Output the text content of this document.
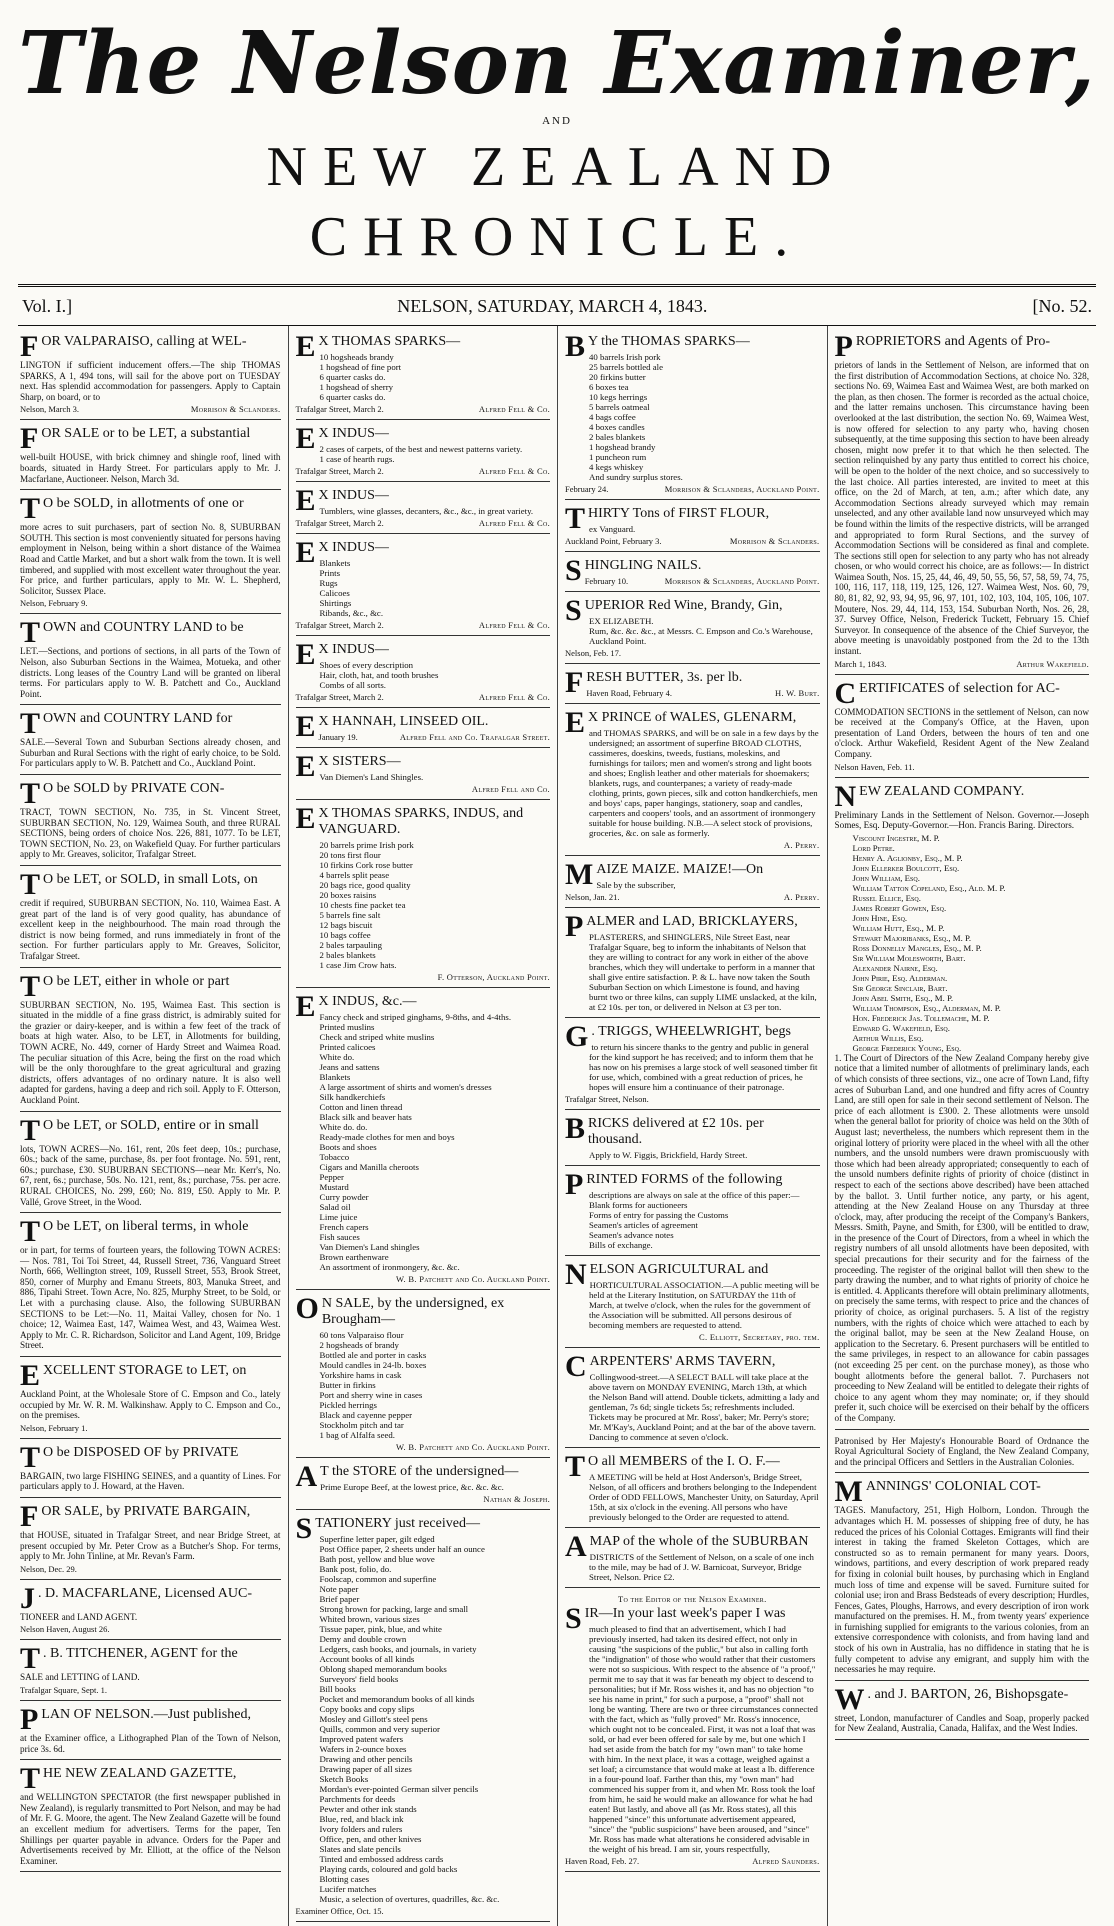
The Nelson Examiner,
AND
NEW ZEALAND CHRONICLE.
Vol. I.]	NELSON, SATURDAY, MARCH 4, 1843.	[No. 52.

FOR VALPARAISO, calling at WEL-

LINGTON if sufficient inducement offers.—The ship THOMAS SPARKS, A 1, 494 tons, will sail for the above port on TUESDAY next. Has splendid accommodation for passengers. Apply to Captain Sharp, on board, or to

Nelson, March 3.	Morrison & Sclanders.

FOR SALE or to be LET, a substantial

well-built HOUSE, with brick chimney and shingle roof, lined with boards, situated in Hardy Street. For particulars apply to Mr. J. Macfarlane, Auctioneer. Nelson, March 3d.

T O be SOLD, in allotments of one or

more acres to suit purchasers, part of section No. 8, SUBURBAN SOUTH. This section is most conveniently situated for persons having employment in Nelson, being within a short distance of the Waimea Road and Cattle Market, and but a short walk from the town. It is well timbered, and supplied with most excellent water throughout the year. For price, and further particulars, apply to Mr. W. L. Shepherd, Solicitor, Sussex Place.

Nelson, February 9.

TOWN and COUNTRY LAND to be

LET.—Sections, and portions of sections, in all parts of the Town of Nelson, also Suburban Sections in the Waimea, Motueka, and other districts. Long leases of the Country Land will be granted on liberal terms. For particulars apply to W. B. Patchett and Co., Auckland Point.

TOWN and COUNTRY LAND for

SALE.—Several Town and Suburban Sections already chosen, and Suburban and Rural Sections with the right of early choice, to be Sold. For particulars apply to W. B. Patchett and Co., Auckland Point.

T O be SOLD by PRIVATE CON-

TRACT, TOWN SECTION, No. 735, in St. Vincent Street, SUBURBAN SECTION, No. 129, Waimea South, and three RURAL SECTIONS, being orders of choice Nos. 226, 881, 1077. To be LET, TOWN SECTION, No. 23, on Wakefield Quay. For further particulars apply to Mr. Greaves, solicitor, Trafalgar Street.

T O be LET, or SOLD, in small Lots, on

credit if required, SUBURBAN SECTION, No. 110, Waimea East. A great part of the land is of very good quality, has abundance of excellent keep in the neighbourhood. The main road through the district is now being formed, and runs immediately in front of the section. For further particulars apply to Mr. Greaves, Solicitor, Trafalgar Street.

T O be LET, either in whole or part

SUBURBAN SECTION, No. 195, Waimea East. This section is situated in the middle of a fine grass district, is admirably suited for the grazier or dairy-keeper, and is within a few feet of the track of boats at high water. Also, to be LET, in Allotments for building, TOWN ACRE, No. 449, corner of Hardy Street and Waimea Road. The peculiar situation of this Acre, being the first on the road which will be the only thoroughfare to the great agricultural and grazing districts, offers advantages of no ordinary nature. It is also well adapted for gardens, having a deep and rich soil. Apply to F. Otterson, Auckland Point.

T O be LET, or SOLD, entire or in small

lots, TOWN ACRES—No. 161, rent, 20s feet deep, 10s.; purchase, 60s.; back of the same, purchase, 8s. per foot frontage. No. 591, rent, 60s.; purchase, £30. SUBURBAN SECTIONS—near Mr. Kerr's, No. 67, rent, 6s.; purchase, 50s. No. 121, rent, 8s.; purchase, 75s. per acre. RURAL CHOICES, No. 299, £60; No. 819, £50. Apply to Mr. P. Vallé, Grove Street, in the Wood.

T O be LET, on liberal terms, in whole

or in part, for terms of fourteen years, the following TOWN ACRES:— Nos. 781, Toi Toi Street, 44, Russell Street, 736, Vanguard Street North, 666, Wellington street, 109, Russell Street, 553, Brook Street, 850, corner of Murphy and Emanu Streets, 803, Manuka Street, and 886, Tipahi Street. Town Acre, No. 825, Murphy Street, to be Sold, or Let with a purchasing clause. Also, the following SUBURBAN SECTIONS to be Let:—No. 11, Maitai Valley, chosen for No. 1 choice; 12, Waimea East, 147, Waimea West, and 43, Waimea West. Apply to Mr. C. R. Richardson, Solicitor and Land Agent, 109, Bridge Street.

EXCELLENT STORAGE to LET, on

Auckland Point, at the Wholesale Store of C. Empson and Co., lately occupied by Mr. W. R. M. Walkinshaw. Apply to C. Empson and Co., on the premises.

Nelson, February 1.

T O be DISPOSED OF by PRIVATE

BARGAIN, two large FISHING SEINES, and a quantity of Lines. For particulars apply to J. Howard, at the Haven.

FOR SALE, by PRIVATE BARGAIN,

that HOUSE, situated in Trafalgar Street, and near Bridge Street, at present occupied by Mr. Peter Crow as a Butcher's Shop. For terms, apply to Mr. John Tinline, at Mr. Revan's Farm.

Nelson, Dec. 29.

J . D. MACFARLANE, Licensed AUC-

TIONEER and LAND AGENT.

Nelson Haven, August 26.

T . B. TITCHENER, AGENT for the

SALE and LETTING of LAND.

Trafalgar Square, Sept. 1.

PLAN OF NELSON.—Just published,

at the Examiner office, a Lithographed Plan of the Town of Nelson, price 3s. 6d.

THE NEW ZEALAND GAZETTE,

and WELLINGTON SPECTATOR (the first newspaper published in New Zealand), is regularly transmitted to Port Nelson, and may be had of Mr. F. G. Moore, the agent. The New Zealand Gazette will be found an excellent medium for advertisers. Terms for the paper, Ten Shillings per quarter payable in advance. Orders for the Paper and Advertisements received by Mr. Elliott, at the office of the Nelson Examiner.

E X THOMAS SPARKS—

10 hogsheads brandy
1 hogshead of fine port
6 quarter casks do.
1 hogshead of sherry
6 quarter casks do.
Trafalgar Street, March 2.	Alfred Fell & Co.

E X INDUS—

2 cases of carpets, of the best and newest patterns variety.
1 case of hearth rugs.
Trafalgar Street, March 2.	Alfred Fell & Co.

E X INDUS—

Tumblers, wine glasses, decanters, &c., &c., in great variety.
Trafalgar Street, March 2.	Alfred Fell & Co.

E X INDUS—

Blankets
Prints
Rugs
Calicoes
Shirtings
Ribands, &c., &c.
Trafalgar Street, March 2.	Alfred Fell & Co.

E X INDUS—

Shoes of every description
Hair, cloth, hat, and tooth brushes
Combs of all sorts.
Trafalgar Street, March 2.	Alfred Fell & Co.

E X HANNAH, LINSEED OIL.

January 19.	Alfred Fell and Co. Trafalgar Street.

E X SISTERS—

Van Diemen's Land Shingles.
Alfred Fell and Co.

E X THOMAS SPARKS, INDUS, and VANGUARD.

20 barrels prime Irish pork
20 tons first flour
10 firkins Cork rose butter
4 barrels split pease
20 bags rice, good quality
20 boxes raisins
10 chests fine packet tea
5 barrels fine salt
12 bags biscuit
10 bags coffee
2 bales tarpauling
2 bales blankets
1 case Jim Crow hats.
F. Otterson, Auckland Point.

E X INDUS, &c.—

Fancy check and striped ginghams, 9-8ths, and 4-4ths.
Printed muslins
Check and striped white muslins
Printed calicoes
White do.
Jeans and sattens
Blankets
A large assortment of shirts and women's dresses
Silk handkerchiefs
Cotton and linen thread
Black silk and beaver hats
White do. do.
Ready-made clothes for men and boys
Boots and shoes
Tobacco
Cigars and Manilla cheroots
Pepper
Mustard
Curry powder
Salad oil
Lime juice
French capers
Fish sauces
Van Diemen's Land shingles
Brown earthenware
An assortment of ironmongery, &c. &c.
W. B. Patchett and Co. Auckland Point.

O N SALE, by the undersigned, ex Brougham—

60 tons Valparaiso flour
2 hogsheads of brandy
Bottled ale and porter in casks
Mould candles in 24-lb. boxes
Yorkshire hams in cask
Butter in firkins
Port and sherry wine in cases
Pickled herrings
Black and cayenne pepper
Stockholm pitch and tar
1 bag of Alfalfa seed.
W. B. Patchett and Co. Auckland Point.

A T the STORE of the undersigned—

Prime Europe Beef, at the lowest price, &c. &c. &c.
Nathan & Joseph.

STATIONERY just received—

Superfine letter paper, gilt edged
Post Office paper, 2 sheets under half an ounce
Bath post, yellow and blue wove
Bank post, folio, do.
Foolscap, common and superfine
Note paper
Brief paper
Strong brown for packing, large and small
Whited brown, various sizes
Tissue paper, pink, blue, and white
Demy and double crown
Ledgers, cash books, and journals, in variety
Account books of all kinds
Oblong shaped memorandum books
Surveyors' field books
Bill books
Pocket and memorandum books of all kinds
Copy books and copy slips
Mosley and Gillott's steel pens
Quills, common and very superior
Improved patent wafers
Wafers in 2-ounce boxes
Drawing and other pencils
Drawing paper of all sizes
Sketch Books
Mordan's ever-pointed German silver pencils
Parchments for deeds
Pewter and other ink stands
Blue, red, and black ink
Ivory folders and rulers
Office, pen, and other knives
Slates and slate pencils
Tinted and embossed address cards
Playing cards, coloured and gold backs
Blotting cases
Lucifer matches
Music, a selection of overtures, quadrilles, &c. &c.
Examiner Office, Oct. 15.

B Y the THOMAS SPARKS—

40 barrels Irish pork
25 barrels bottled ale
20 firkins butter
6 boxes tea
10 kegs herrings
5 barrels oatmeal
4 bags coffee
4 boxes candles
2 bales blankets
1 hogshead brandy
1 puncheon rum
4 kegs whiskey
And sundry surplus stores.
February 24.	Morrison & Sclanders, Auckland Point.

THIRTY Tons of FIRST FLOUR,

ex Vanguard.
Auckland Point, February 3.	Morrison & Sclanders.

SHINGLING NAILS.

February 10.	Morrison & Sclanders, Auckland Point.

SUPERIOR Red Wine, Brandy, Gin,

EX ELIZABETH.
Rum, &c. &c. &c., at Messrs. C. Empson and Co.'s Warehouse, Auckland Point.
Nelson, Feb. 17.

FRESH BUTTER, 3s. per lb.

Haven Road, February 4.	H. W. Burt.

E X PRINCE of WALES, GLENARM,

and THOMAS SPARKS, and will be on sale in a few days by the undersigned; an assortment of superfine BROAD CLOTHS, cassimeres, doeskins, tweeds, fustians, moleskins, and furnishings for tailors; men and women's strong and light boots and shoes; English leather and other materials for shoemakers; blankets, rugs, and counterpanes; a variety of ready-made clothing, prints, gown pieces, silk and cotton handkerchiefs, men and boys' caps, paper hangings, stationery, soap and candles, carpenters and coopers' tools, and an assortment of ironmongery suitable for house building. N.B.—A select stock of provisions, groceries, &c. on sale as formerly.
A. Perry.

MAIZE MAIZE. MAIZE!—On

Sale by the subscriber,
Nelson, Jan. 21.	A. Perry.

PALMER and LAD, BRICKLAYERS,

PLASTERERS, and SHINGLERS, Nile Street East, near Trafalgar Square, beg to inform the inhabitants of Nelson that they are willing to contract for any work in either of the above branches, which they will undertake to perform in a manner that shall give entire satisfaction. P. & L. have now taken the South Suburban Section on which Limestone is found, and having burnt two or three kilns, can supply LIME unslacked, at the kiln, at £2 10s. per ton, or delivered in Nelson at £3 per ton.

G . TRIGGS, WHEELWRIGHT, begs

to return his sincere thanks to the gentry and public in general for the kind support he has received; and to inform them that he has now on his premises a large stock of well seasoned timber fit for use, which, combined with a great reduction of prices, he hopes will ensure him a continuance of their patronage.
Trafalgar Street, Nelson.

BRICKS delivered at £2 10s. per thousand.

Apply to W. Figgis, Brickfield, Hardy Street.

PRINTED FORMS of the following

descriptions are always on sale at the office of this paper:—
Blank forms for auctioneers
Forms of entry for passing the Customs
Seamen's articles of agreement
Seamen's advance notes
Bills of exchange.

NELSON AGRICULTURAL and

HORTICULTURAL ASSOCIATION.—A public meeting will be held at the Literary Institution, on SATURDAY the 11th of March, at twelve o'clock, when the rules for the government of the Association will be submitted. All persons desirous of becoming members are requested to attend.
C. Elliott, Secretary, pro. tem.

CARPENTERS' ARMS TAVERN,

Collingwood-street.—A SELECT BALL will take place at the above tavern on MONDAY EVENING, March 13th, at which the Nelson Band will attend. Double tickets, admitting a lady and gentleman, 7s 6d; single tickets 5s; refreshments included. Tickets may be procured at Mr. Ross', baker; Mr. Perry's store; Mr. M'Kay's, Auckland Point; and at the bar of the above tavern. Dancing to commence at seven o'clock.

T O all MEMBERS of the I. O. F.—

A MEETING will be held at Host Anderson's, Bridge Street, Nelson, of all officers and brothers belonging to the Independent Order of ODD FELLOWS, Manchester Unity, on Saturday, April 15th, at six o'clock in the evening. All persons who have previously belonged to the Order are requested to attend.

A MAP of the whole of the SUBURBAN

DISTRICTS of the Settlement of Nelson, on a scale of one inch to the mile, may be had of J. W. Barnicoat, Surveyor, Bridge Street, Nelson. Price £2.
To the Editor of the Nelson Examiner.

SIR—In your last week's paper I was

much pleased to find that an advertisement, which I had previously inserted, had taken its desired effect, not only in causing "the suspicions of the public," but also in calling forth the "indignation" of those who would rather that their customers were not so suspicious. With respect to the absence of "a proof," permit me to say that it was far beneath my object to descend to personalities; but if Mr. Ross wishes it, and has no objection "to see his name in print," for such a purpose, a "proof" shall not long be wanting. There are two or three circumstances connected with the fact, which as "fully proved" Mr. Ross's innocence, which ought not to be concealed. First, it was not a loaf that was sold, or had ever been offered for sale by me, but one which I had set aside from the batch for my "own man" to take home with him. In the next place, it was a cottage, weighed against a set loaf; a circumstance that would make at least a lb. difference in a four-pound loaf. Farther than this, my "own man" had commenced his supper from it, and when Mr. Ross took the loaf from him, he said he would make an allowance for what he had eaten! But lastly, and above all (as Mr. Ross states), all this happened "since" this unfortunate advertisement appeared, "since" the "public suspicions" have been aroused, and "since" Mr. Ross has made what alterations he considered advisable in the weight of his bread. I am sir, yours respectfully,
Haven Road, Feb. 27.	Alfred Saunders.

PROPRIETORS and Agents of Pro-

prietors of lands in the Settlement of Nelson, are informed that on the first distribution of Accommodation Sections, at choice No. 328, sections No. 69, Waimea East and Waimea West, are both marked on the plan, as then chosen. The former is recorded as the actual choice, and the latter remains unchosen. This circumstance having been overlooked at the last distribution, the section No. 69, Waimea West, is now offered for selection to any party who, having chosen subsequently, at the time supposing this section to have been already chosen, might now prefer it to that which he then selected. The section relinquished by any party thus entitled to correct his choice, will be open to the holder of the next choice, and so successively to the last choice. All parties interested, are invited to meet at this office, on the 2d of March, at ten, a.m.; after which date, any Accommodation Sections already surveyed which may remain unselected, and any other available land now unsurveyed which may be found within the limits of the respective districts, will be arranged and appropriated to form Rural Sections, and the survey of Accommodation Sections will be considered as final and complete. The sections still open for selection to any party who has not already chosen, or who would correct his choice, are as follows:— In district Waimea South, Nos. 15, 25, 44, 46, 49, 50, 55, 56, 57, 58, 59, 74, 75, 100, 116, 117, 118, 119, 125, 126, 127. Waimea West, Nos. 60, 79, 80, 81, 82, 92, 93, 94, 95, 96, 97, 101, 102, 103, 104, 105, 106, 107. Moutere, Nos. 29, 44, 114, 153, 154. Suburban North, Nos. 26, 28, 37. Survey Office, Nelson, Frederick Tuckett, February 15. Chief Surveyor. In consequence of the absence of the Chief Surveyor, the above meeting is unavoidably postponed from the 2d to the 13th instant.

March 1, 1843.	Arthur Wakefield.

CERTIFICATES of selection for AC-

COMMODATION SECTIONS in the settlement of Nelson, can now be received at the Company's Office, at the Haven, upon presentation of Land Orders, between the hours of ten and one o'clock. Arthur Wakefield, Resident Agent of the New Zealand Company.

Nelson Haven, Feb. 11.

NEW ZEALAND COMPANY.

Preliminary Lands in the Settlement of Nelson. Governor.—Joseph Somes, Esq. Deputy-Governor.—Hon. Francis Baring. Directors.

Viscount Ingestre, M. P.
Lord Petre.
Henry A. Aglionby, Esq., M. P.
John Ellerker Boulcott, Esq.
John William, Esq.
William Tatton Copeland, Esq., Ald. M. P.
Russel Ellice, Esq.
James Robert Gowen, Esq.
John Hine, Esq.
William Hutt, Esq., M. P.
Stewart Majoribanks, Esq., M. P.
Ross Donnelly Mangles, Esq., M. P.
Sir William Molesworth, Bart.
Alexander Nairne, Esq.
John Pirie, Esq. Alderman.
Sir George Sinclair, Bart.
John Abel Smith, Esq., M. P.
William Thompson, Esq., Alderman, M. P.
Hon. Frederick Jas. Tollemache, M. P.
Edward G. Wakefield, Esq.
Arthur Willis, Esq.
George Frederick Young, Esq.

1. The Court of Directors of the New Zealand Company hereby give notice that a limited number of allotments of preliminary lands, each of which consists of three sections, viz., one acre of Town Land, fifty acres of Suburban Land, and one hundred and fifty acres of Country Land, are still open for sale in their second settlement of Nelson. The price of each allotment is £300. 2. These allotments were unsold when the general ballot for priority of choice was held on the 30th of August last; nevertheless, the numbers which represent them in the original lottery of priority were placed in the wheel with all the other numbers, and the unsold numbers were drawn promiscuously with those which had been already appropriated; consequently to each of the unsold numbers definite rights of priority of choice (distinct in respect to each of the sections above described) have been attached by the ballot. 3. Until further notice, any party, or his agent, attending at the New Zealand House on any Thursday at three o'clock, may, after producing the receipt of the Company's Bankers, Messrs. Smith, Payne, and Smith, for £300, will be entitled to draw, in the presence of the Court of Directors, from a wheel in which the registry numbers of all unsold allotments have been deposited, with special precautions for their security and for the fairness of the proceeding. The register of the original ballot will then shew to the party drawing the number, and to what rights of priority of choice he is entitled. 4. Applicants therefore will obtain preliminary allotments, on precisely the same terms, with respect to price and the chances of priority of choice, as original purchasers. 5. A list of the registry numbers, with the rights of choice which were attached to each by the original ballot, may be seen at the New Zealand House, on application to the Secretary. 6. Present purchasers will be entitled to the same privileges, in respect to an allowance for cabin passages (not exceeding 25 per cent. on the purchase money), as those who bought allotments before the general ballot. 7. Purchasers not proceeding to New Zealand will be entitled to delegate their rights of choice to any agent whom they may nominate; or, if they should prefer it, such choice will be exercised on their behalf by the officers of the Company.

Patronised by Her Majesty's Honourable Board of Ordnance the Royal Agricultural Society of England, the New Zealand Company, and the principal Officers and Settlers in the Australian Colonies.

MANNINGS' COLONIAL COT-

TAGES. Manufactory, 251, High Holborn, London. Through the advantages which H. M. possesses of shipping free of duty, he has reduced the prices of his Colonial Cottages. Emigrants will find their interest in taking the framed Skeleton Cottages, which are constructed so as to remain permanent for many years. Doors, windows, partitions, and every description of work prepared ready for fixing in colonial built houses, by purchasing which in England much loss of time and expense will be saved. Furniture suited for colonial use; iron and Brass Bedsteads of every description; Hurdles, Fences, Gates, Ploughs, Harrows, and every description of iron work manufactured on the premises. H. M., from twenty years' experience in furnishing supplied for emigrants to the various colonies, from an extensive correspondence with colonists, and from having land and stock of his own in Australia, has no diffidence in stating that he is fully competent to advise any emigrant, and supply him with the necessaries he may require.

W . and J. BARTON, 26, Bishopsgate-

street, London, manufacturer of Candles and Soap, properly packed for New Zealand, Australia, Canada, Halifax, and the West Indies.
